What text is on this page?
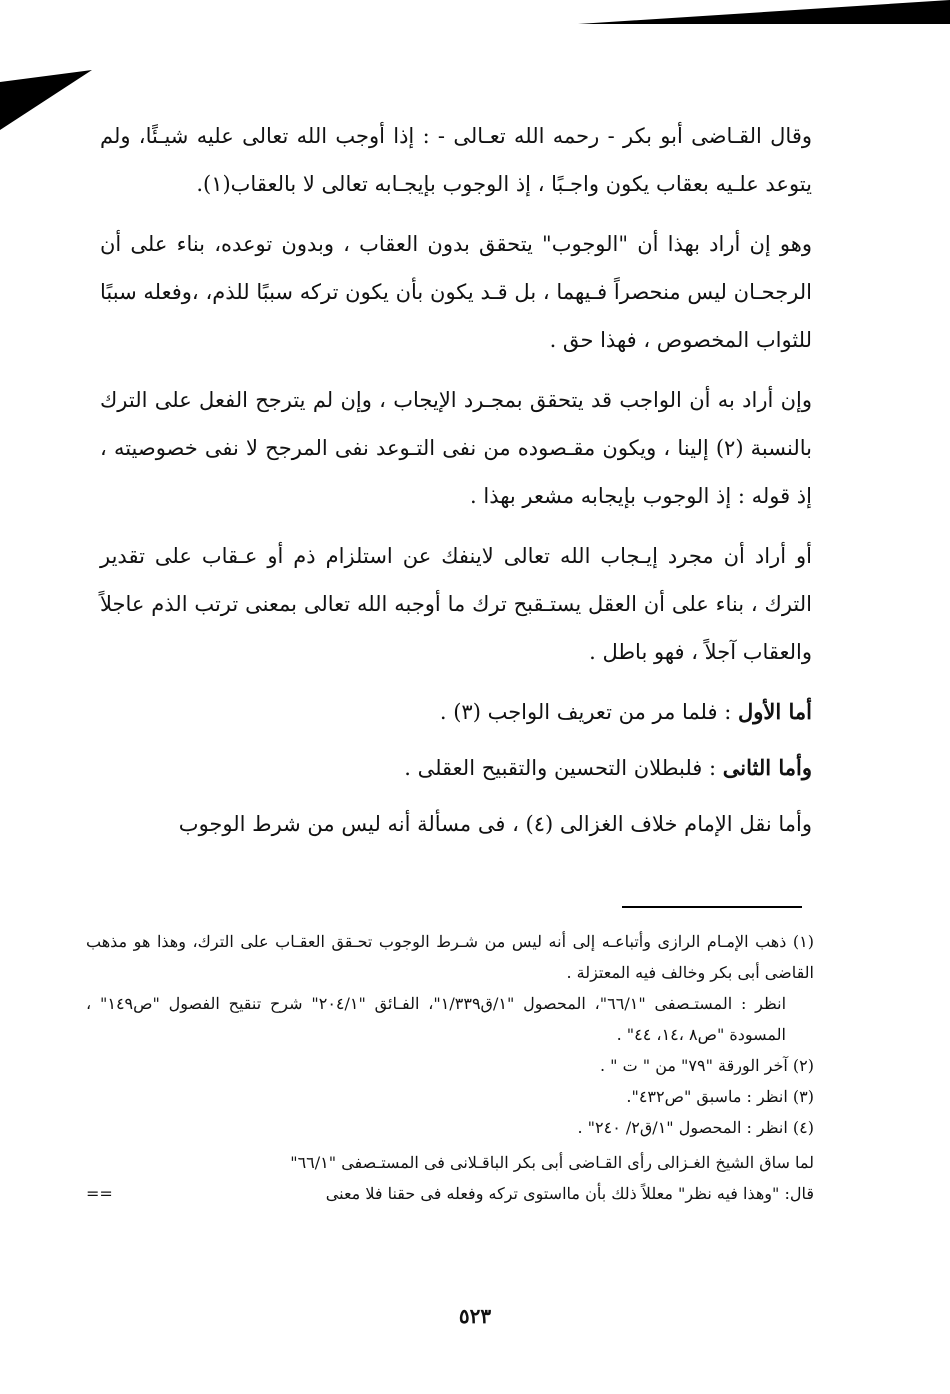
وقال القـاضى أبو بكر - رحمه الله تعـالى - : إذا أوجب الله تعالى عليه شيـئًا، ولم يتوعد علـيه بعقاب يكون واجـبًا ، إذ الوجوب بإيجـابه تعالى لا بالعقاب(١).

وهو إن أراد بهذا أن "الوجوب" يتحقق بدون العقاب ، وبدون توعده، بناء على أن الرجحـان ليس منحصراً فـيهما ، بل قـد يكون بأن يكون تركه سببًا للذم، ،وفعله سببًا للثواب المخصوص ، فهذا حق .

وإن أراد به أن الواجب قد يتحقق بمجـرد الإيجاب ، وإن لم يترجح الفعل على الترك بالنسبة (٢) إلينا ، ويكون مقـصوده من نفى التـوعد نفى المرجح لا نفى خصوصيته ، إذ قوله : إذ الوجوب بإيجابه مشعر بهذا .

أو أراد أن مجرد إيـجاب الله تعالى لاينفك عن استلزام ذم أو عـقاب على تقدير الترك ، بناء على أن العقل يستـقبح ترك ما أوجبه الله تعالى بمعنى ترتب الذم عاجلاً والعقاب آجلاً ، فهو باطل .

أما الأول : فلما مر من تعريف الواجب (٣) .

وأما الثانى : فلبطلان التحسين والتقبيح العقلى .

وأما نقل الإمام خلاف الغزالى (٤) ، فى مسألة أنه ليس من شرط الوجوب

(١) ذهب الإمـام الرازى وأتباعـه إلى أنه ليس من شـرط الوجوب تحـقق العقـاب على الترك، وهذا هو مذهب القاضى أبى بكر وخالف فيه المعتزلة .

انظر : المستـصفى "٦٦/١"، المحصول "١/ق١/٣٣٩"، الفـائق "٢٠٤/١" شرح تنقيح الفصول "ص١٤٩" ، المسودة "ص٨ ،١٤، ٤٤" .

(٢) آخر الورقة "٧٩" من " ت " .

(٣) انظر : ماسبق "ص٤٣٢".

(٤) انظر : المحصول "١/ق٢/ ٢٤٠" .

لما ساق الشيخ الغـزالى رأى القـاضى أبى بكر الباقـلانى فى المستـصفى "٦٦/١"

قال: "وهذا فيه نظر" معللاً ذلك بأن مااستوى تركه وفعله فى حقنا فلا معنى
==
٥٢٣
